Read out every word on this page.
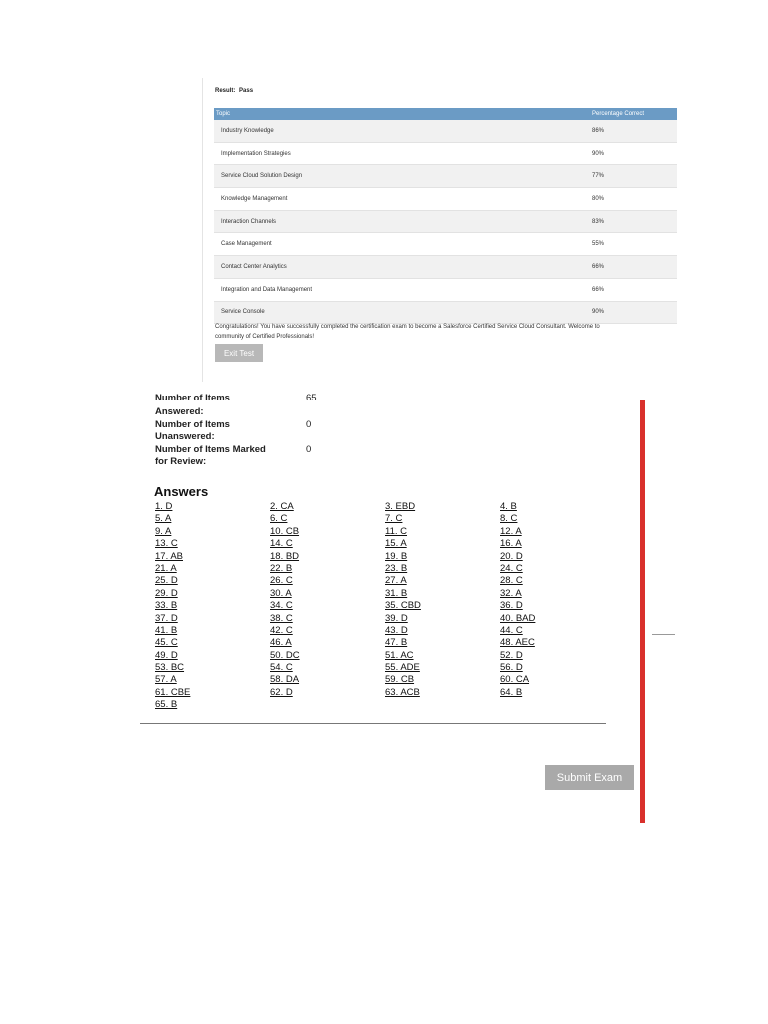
Result: Pass
Topic	Percentage Correct
Industry Knowledge	86%
Implementation Strategies	90%
Service Cloud Solution Design	77%
Knowledge Management	80%
Interaction Channels	83%
Case Management	55%
Contact Center Analytics	66%
Integration and Data Management	66%
Service Console	90%
Congratulations! You have successfully completed the certification exam to become a Salesforce Certified Service Cloud Consultant. Welcome to
community of Certified Professionals!
Exit Test
Number of Items	65
Answered:
Number of Items
Unanswered:
0
Number of Items Marked
for Review:
0
Answers
1. D	2. CA	3. EBD	4. B
5. A	6. C	7. C	8. C
9. A	10. CB	11. C	12. A
13. C	14. C	15. A	16. A
17. AB	18. BD	19. B	20. D
21. A	22. B	23. B	24. C
25. D	26. C	27. A	28. C
29. D	30. A	31. B	32. A
33. B	34. C	35. CBD	36. D
37. D	38. C	39. D	40. BAD
41. B	42. C	43. D	44. C
45. C	46. A	47. B	48. AEC
49. D	50. DC	51. AC	52. D
53. BC	54. C	55. ADE	56. D
57. A	58. DA	59. CB	60. CA
61. CBE	62. D	63. ACB	64. B
65. B
Submit Exam
